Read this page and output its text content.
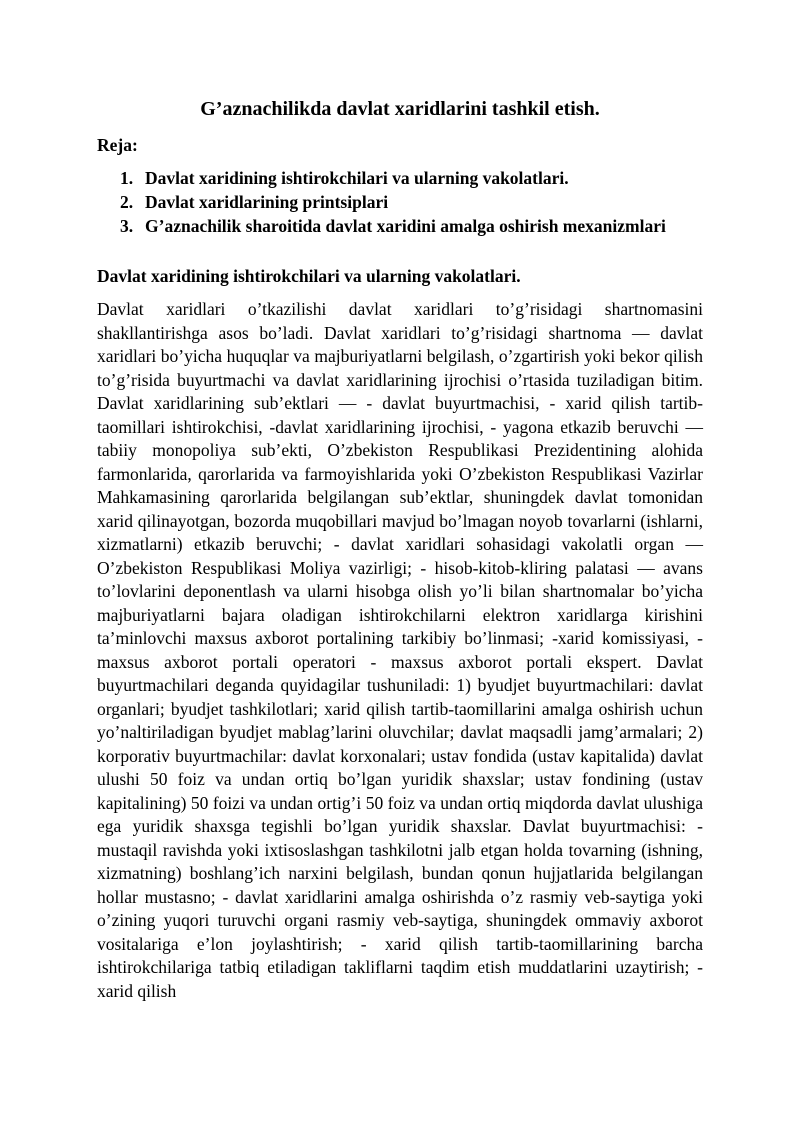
G’aznachilikda davlat xaridlarini tashkil etish.
Reja:
1. Davlat xaridining ishtirokchilari va ularning vakolatlari.
2. Davlat xaridlarining printsiplari
3. G’aznachilik sharoitida davlat xaridini amalga oshirish mexanizmlari
Davlat xaridining ishtirokchilari va ularning vakolatlari.

Davlat xaridlari o’tkazilishi davlat xaridlari to’g’risidagi shartnomasini shakllantirishga asos bo’ladi. Davlat xaridlari to’g’risidagi shartnoma — davlat xaridlari bo’yicha huquqlar va majburiyatlarni belgilash, o’zgartirish yoki bekor qilish to’g’risida buyurtmachi va davlat xaridlarining ijrochisi o’rtasida tuziladigan bitim. Davlat xaridlarining sub’ektlari — - davlat buyurtmachisi, - xarid qilish tartib-taomillari ishtirokchisi, -davlat xaridlarining ijrochisi, - yagona etkazib beruvchi — tabiiy monopoliya sub’ekti, O’zbekiston Respublikasi Prezidentining alohida farmonlarida, qarorlarida va farmoyishlarida yoki O’zbekiston Respublikasi Vazirlar Mahkamasining qarorlarida belgilangan sub’ektlar, shuningdek davlat tomonidan xarid qilinayotgan, bozorda muqobillari mavjud bo’lmagan noyob tovarlarni (ishlarni, xizmatlarni) etkazib beruvchi; - davlat xaridlari sohasidagi vakolatli organ — O’zbekiston Respublikasi Moliya vazirligi; - hisob-kitob-kliring palatasi — avans to’lovlarini deponentlash va ularni hisobga olish yo’li bilan shartnomalar bo’yicha majburiyatlarni bajara oladigan ishtirokchilarni elektron xaridlarga kirishini ta’minlovchi maxsus axborot portalining tarkibiy bo’linmasi; -xarid komissiyasi, -maxsus axborot portali operatori - maxsus axborot portali ekspert. Davlat buyurtmachilari deganda quyidagilar tushuniladi: 1) byudjet buyurtmachilari: davlat organlari; byudjet tashkilotlari; xarid qilish tartib-taomillarini amalga oshirish uchun yo’naltiriladigan byudjet mablag’larini oluvchilar; davlat maqsadli jamg’armalari; 2) korporativ buyurtmachilar: davlat korxonalari; ustav fondida (ustav kapitalida) davlat ulushi 50 foiz va undan ortiq bo’lgan yuridik shaxslar; ustav fondining (ustav kapitalining) 50 foizi va undan ortig’i 50 foiz va undan ortiq miqdorda davlat ulushiga ega yuridik shaxsga tegishli bo’lgan yuridik shaxslar. Davlat buyurtmachisi: - mustaqil ravishda yoki ixtisoslashgan tashkilotni jalb etgan holda tovarning (ishning, xizmatning) boshlang’ich narxini belgilash, bundan qonun hujjatlarida belgilangan hollar mustasno; - davlat xaridlarini amalga oshirishda o’z rasmiy veb-saytiga yoki o’zining yuqori turuvchi organi rasmiy veb-saytiga, shuningdek ommaviy axborot vositalariga e’lon joylashtirish; - xarid qilish tartib-taomillarining barcha ishtirokchilariga tatbiq etiladigan takliflarni taqdim etish muddatlarini uzaytirish; - xarid qilish
